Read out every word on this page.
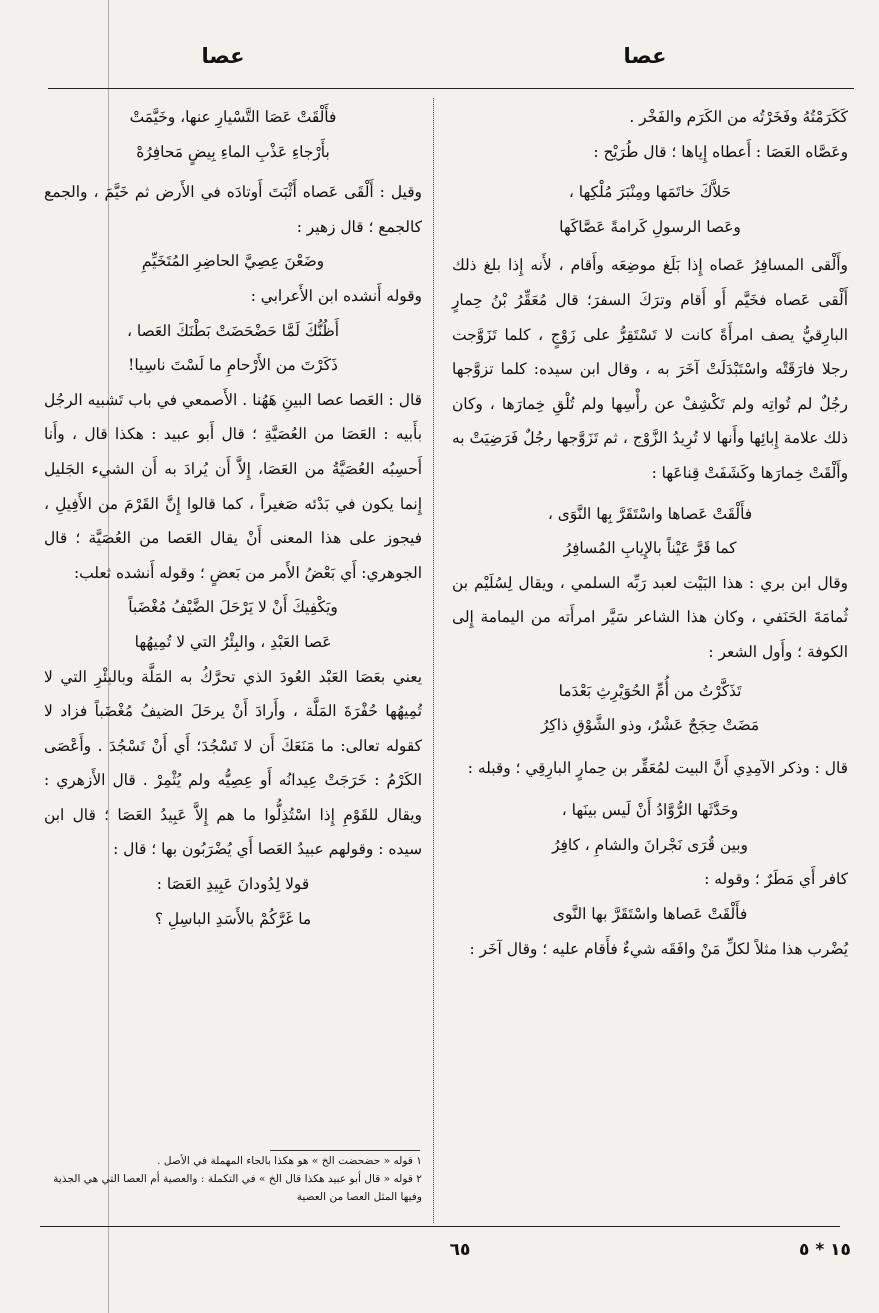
عصا
عصا

كَكَرَمْتُهُ وفَخَرْتُه من الكَرَم والفَخْر .

وعَصَّاه العَصَا : أَعطاه إِياها ؛ قال طُرَيْح :

حَلاَّكَ خاتَمَها ومِنْبَرَ مُلْكِها ،

وعَصا الرسولِ كَرامةً عَصَّاكَها

وأَلْقى المسافِرُ عَصاه إِذا بَلَغ موضِعَه وأَقام ، لأَنه إِذا بلغ ذلك أَلْقى عَصاه فخَيَّم أَو أَقام وترَكَ السفرَ؛ قال مُعَقِّرُ بْنُ حِمارٍ البارِقيُّ يصف امرأَةً كانت لا تَسْتَقِرُّ على زَوْجٍ ، كلما تَزَوَّجت رجلا فارَقَتْه واسْتَبْدَلَتْ آخَرَ به ، وقال ابن سيده: كلما تزوَّجها رجُلٌ لم تُواتِه ولم تَكْشِفْ عن رأْسِها ولم تُلْقِ خِمارَها ، وكان ذلك علامة إِبائِها وأَنها لا تُرِيدُ الزَّوْج ، ثم تَزَوَّجها رجُلٌ فَرَضِيَتْ به وأَلْقَتْ خِمارَها وكَشَفَتْ قِناعَها :

فأَلْقَتْ عَصاها واسْتَقَرَّ بِها النَّوَى ،

كما قَرَّ عَيْناً بالإِيابِ المُسافِرُ

وقال ابن بري : هذا البَيْت لعبد رَبِّه السلمي ، ويقال لِسُلَيْم بن ثُمامَةَ الحَنَفي ، وكان هذا الشاعر سَيَّر امرأَته من اليمامة إِلى الكوفة ؛ وأَول الشعر :

تَذَكَّرْتُ من أُمِّ الحُوَيْرِثِ بَعْدَما

مَضَتْ حِجَجٌ عَشْرٌ، وذو الشَّوْقِ ذاكِرُ

قال : وذكر الآمِدِي أَنَّ البيت لمُعَقِّر بن حِمارٍ البارِقِي ؛ وقبله :

وحَدَّثَها الرُّوَّادُ أَنْ لَيس بينَها ،

وبين قُرَى نَجْرانَ والشامِ ، كافِرُ

كافر أَي مَطَرٌ ؛ وقوله :

فأَلْقَتْ عَصاها واسْتَقَرَّ بها النَّوى

يُضْرب هذا مثلاً لكلِّ مَنْ وافَقَه شيءٌ فأَقام عليه ؛ وقال آخَر :

فأَلْقَتْ عَصَا التَّسْيارِ عنها، وخَيَّمَتْ

بأَرْجاءِ عَذْبِ الماءِ بِيضٍ مَحافِرُهْ

وقيل : أَلْقَى عَصاه أَثْبَتَ أَوتادَه في الأَرض ثم خَيَّمَ ، والجمع كالجمع ؛ قال زهير :

وضَعْنَ عِصِيَّ الحاضِرِ المُتَخَيِّمِ

وقوله أَنشده ابن الأَعرابي :

أَظُنُّكَ لَمَّا حَضْحَضَتْ بَطْنَكَ العَصا ،

ذَكَرْتَ من الأَرْحامِ ما لَسْتَ ناسِيا!

قال : العَصا عصا البينِ هَهُنا . الأَصمعي في باب تَشبيه الرجُل بأَبيه : العَصَا من العُصَيَّةِ ؛ قال أَبو عبيد : هكذا قال ، وأَنا أَحسِبُه العُصَيَّةُ من العَصَا، إِلاَّ أَن يُرادَ به أَن الشيء الجَليل إِنما يكون في بَدْئه صَغيراً ، كما قالوا إِنَّ القَرْمَ من الأَفِيلِ ، فيجوز على هذا المعنى أَنْ يقال العَصا من العُصَيَّة ؛ قال الجوهري: أَي بَعْضُ الأَمر من بَعضٍ ؛ وقوله أَنشده ثعلب:

ويَكْفِيكَ أَنْ لا يَرْحَلَ الضَّيْفُ مُغْضَباً

عَصا العَبْدِ ، والبِئْرُ التي لا تُمِيهُها

يعني بعَصَا العَبْد العُودَ الذي تحرَّكُ به المَلَّة وبالبئْرِ التي لا تُمِيهُها حُفْرَةَ المَلَّة ، وأَرادَ أَنْ يرحَلَ الضيفُ مُغْضَباً فزاد لا كقوله تعالى: ما مَنَعَكَ أَن لا تَسْجُدَ؛ أَي أَنْ تَسْجُدَ . وأَعْصَى الكَرْمُ : خَرَجَتْ عِيدانُه أَو عِصِيُّه ولم يُثْمِرْ . قال الأَزهري : ويقال للقَوْمِ إِذا اسْتُذِلُّوا ما هم إِلاَّ عَبِيدُ العَصَا ؛ قال ابن سيده : وقولهم عبيدُ العَصا أَي يُضْرَبُون بها ؛ قال :

قولا لِدُودانَ عَبِيدِ العَصَا :

ما غَرَّكُمْ بالأَسَدِ الباسِلِ ؟

١ قوله « حضحضت الخ » هو هكذا بالحاء المهملة في الأصل .
٢ قوله « قال أبو عبيد هكذا قال الخ » في التكملة : والعصية أم العصا التي هي الجذية وفيها المثل العصا من العصية
٦٥	١٥ * ٥
